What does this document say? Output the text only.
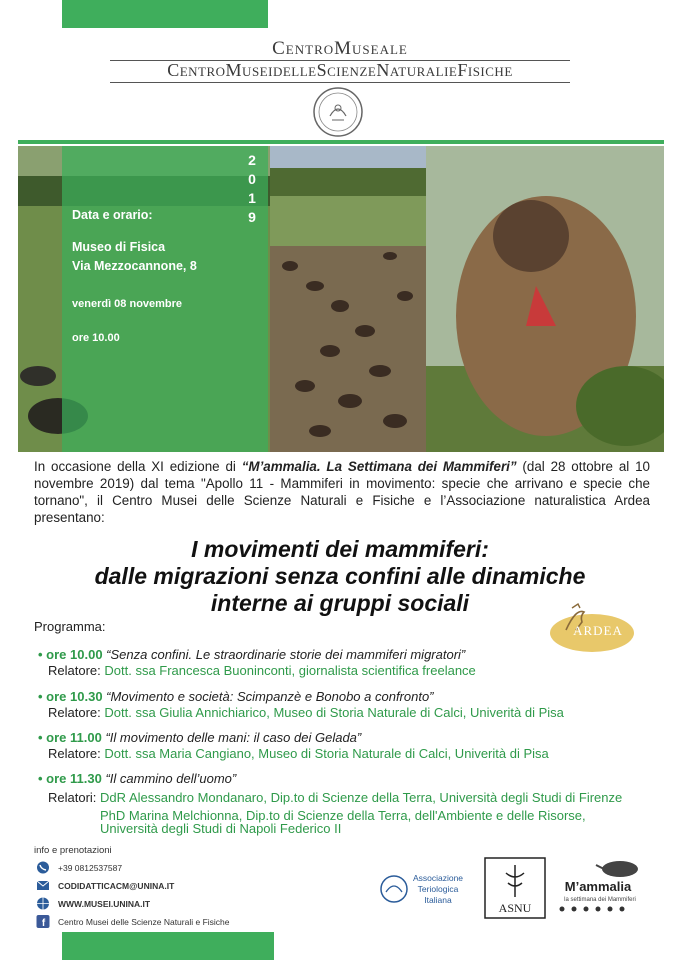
CentroMuseale
CentroMuseidelleScienzeNaturalieFisiche
Data e orario:
Museo di Fisica
Via Mezzocannone, 8
venerdì 08 novembre
ore 10.00
2
0
1
9
In occasione della XI edizione di “M’ammalia. La Settimana dei Mammiferi” (dal 28 ottobre al 10 novembre 2019) dal tema "Apollo 11 - Mammiferi in movimento: specie che arrivano e specie che tornano", il Centro Musei delle Scienze Naturali e Fisiche e l’Associazione naturalistica Ardea presentano:
I movimenti dei mammiferi:
dalle migrazioni senza confini alle dinamiche
interne ai gruppi sociali
ARDEA
Programma:
• ore 10.00 “Senza confini. Le straordinarie storie dei mammiferi migratori”
Relatore: Dott. ssa Francesca Buoninconti, giornalista scientifica freelance
• ore 10.30 “Movimento e società: Scimpanzè e Bonobo a confronto”
Relatore: Dott. ssa Giulia Annichiarico, Museo di Storia Naturale di Calci, Univerità di Pisa
• ore 11.00 “Il movimento delle mani: il caso dei Gelada”
Relatore: Dott. ssa Maria Cangiano, Museo di Storia Naturale di Calci, Univerità di Pisa
• ore 11.30 “Il cammino dell’uomo”
Relatori: DdR Alessandro Mondanaro, Dip.to di Scienze della Terra, Università degli Studi di Firenze
PhD Marina Melchionna, Dip.to di Scienze della Terra, dell'Ambiente e delle Risorse,
Università degli Studi di Napoli Federico II
info e prenotazioni
+39 0812537587
CODIDATTICACM@UNINA.IT
WWW.MUSEI.UNINA.IT
f Centro Musei delle Scienze Naturali e Fisiche
Associazione
Teriologica
Italiana
ASNU
M’ammalia
la settimana dei Mammiferi
